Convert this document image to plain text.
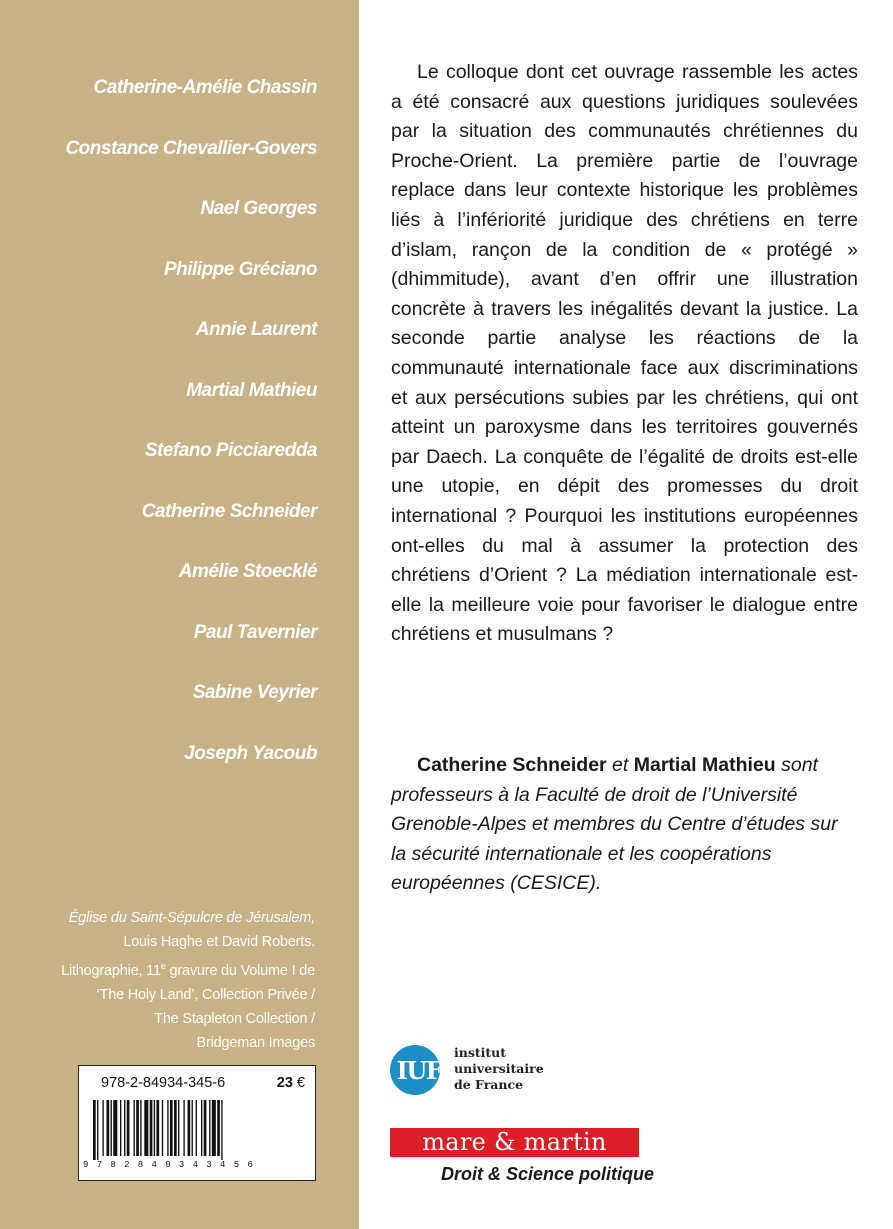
Catherine-Amélie Chassin
Constance Chevallier-Govers
Nael Georges
Philippe Gréciano
Annie Laurent
Martial Mathieu
Stefano Picciaredda
Catherine Schneider
Amélie Stoecklé
Paul Tavernier
Sabine Veyrier
Joseph Yacoub
Église du Saint-Sépulcre de Jérusalem,
Louis Haghe et David Roberts.
Lithographie, 11e gravure du Volume I de
‘The Holy Land’, Collection Privée /
The Stapleton Collection /
Bridgeman Images
978-2-84934-345-6	23 €
9782849343456

Le colloque dont cet ouvrage rassemble les actes a été consacré aux questions juridiques soulevées par la situation des communautés chrétiennes du Proche-Orient. La première partie de l’ouvrage replace dans leur contexte historique les problèmes liés à l’infériorité juridique des chrétiens en terre d’islam, rançon de la condition de « protégé » (dhimmitude), avant d’en offrir une illustration concrète à travers les inégalités devant la justice. La seconde partie analyse les réactions de la communauté internationale face aux discriminations et aux persécutions subies par les chrétiens, qui ont atteint un paroxysme dans les territoires gouvernés par Daech. La conquête de l’égalité de droits est-elle une utopie, en dépit des promesses du droit international ? Pourquoi les institutions européennes ont-elles du mal à assumer la protection des chrétiens d’Orient ? La médiation internationale est-elle la meilleure voie pour favoriser le dialogue entre chrétiens et musulmans ?

Catherine Schneider et Martial Mathieu sont professeurs à la Faculté de droit de l’Université Grenoble-Alpes et membres du Centre d’études sur la sécurité internationale et les coopérations européennes (CESICE).

IUF
institut
universitaire
de France
mare & martin
Droit & Science politique
